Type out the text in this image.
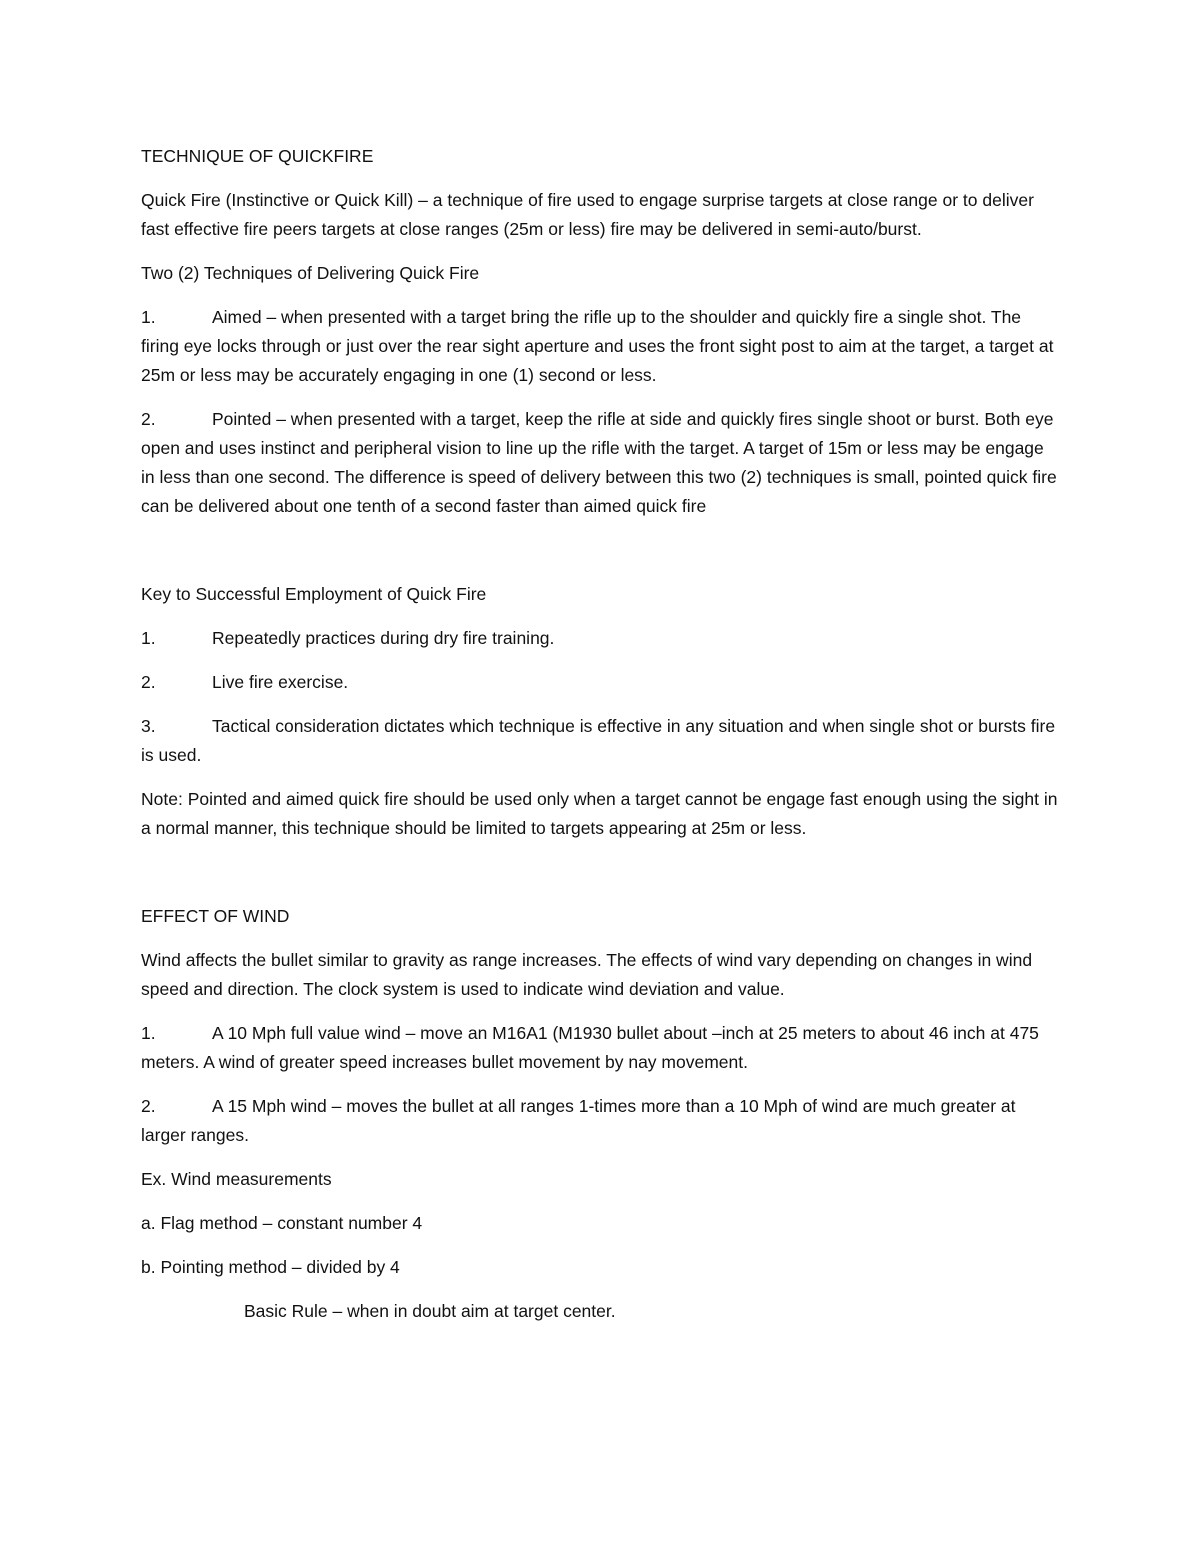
TECHNIQUE OF QUICKFIRE

Quick Fire (Instinctive or Quick Kill) – a technique of fire used to engage surprise targets at close range or to deliver fast effective fire peers targets at close ranges (25m or less) fire may be delivered in semi-auto/burst.

Two (2) Techniques of Delivering Quick Fire

1.	Aimed – when presented with a target bring the rifle up to the shoulder and quickly fire a single shot. The firing eye locks through or just over the rear sight aperture and uses the front sight post to aim at the target, a target at 25m or less may be accurately engaging in one (1) second or less.

2.	Pointed – when presented with a target, keep the rifle at side and quickly fires single shoot or burst. Both eye open and uses instinct and peripheral vision to line up the rifle with the target. A target of 15m or less may be engage in less than one second. The difference is speed of delivery between this two (2) techniques is small, pointed quick fire can be delivered about one tenth of a second faster than aimed quick fire

Key to Successful Employment of Quick Fire

1.	Repeatedly practices during dry fire training.

2.	Live fire exercise.

3.	Tactical consideration dictates which technique is effective in any situation and when single shot or bursts fire is used.

Note: Pointed and aimed quick fire should be used only when a target cannot be engage fast enough using the sight in a normal manner, this technique should be limited to targets appearing at 25m or less.

EFFECT OF WIND

Wind affects the bullet similar to gravity as range increases. The effects of wind vary depending on changes in wind speed and direction. The clock system is used to indicate wind deviation and value.

1.	A 10 Mph full value wind – move an M16A1 (M1930 bullet about –inch at 25 meters to about 46 inch at 475 meters. A wind of greater speed increases bullet movement by nay movement.

2.	A 15 Mph wind – moves the bullet at all ranges 1-times more than a 10 Mph of wind are much greater at larger ranges.

Ex. Wind measurements

a. Flag method – constant number 4

b. Pointing method – divided by 4

Basic Rule – when in doubt aim at target center.
